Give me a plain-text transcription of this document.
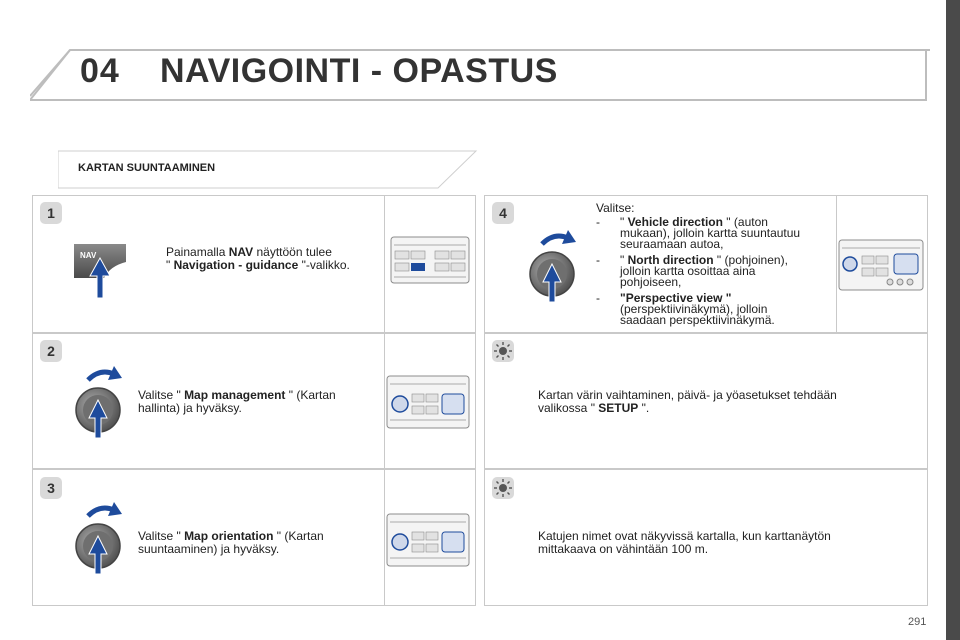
04 NAVIGOINTI - OPASTUS
KARTAN SUUNTAAMINEN
1
2
3
4
NAV	Painamalla NAV näyttöön tulee
" Navigation - guidance "-valikko.
Valitse " Map management " (Kartan
hallinta) ja hyväksy.
Valitse " Map orientation " (Kartan
suuntaaminen) ja hyväksy.
Valitse:
- " Vehicle direction " (auton
mukaan), jolloin kartta suuntautuu
seuraamaan autoa,
- " North direction " (pohjoinen),
jolloin kartta osoittaa aina
pohjoiseen,
- "Perspective view "
(perspektiivinäkymä), jolloin
saadaan perspektiivinäkymä.
Kartan värin vaihtaminen, päivä- ja yöasetukset tehdään
valikossa " SETUP ".
Katujen nimet ovat näkyvissä kartalla, kun karttanäytön
mittakaava on vähintään 100 m.
291
